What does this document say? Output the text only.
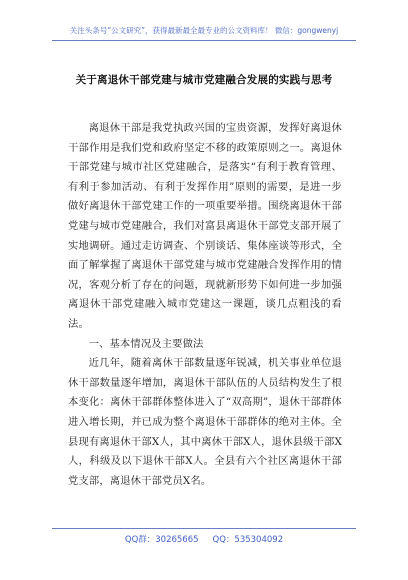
关注头条号“公文研究”，获得最新最全最专业的公文资料库！ 微信：gongwenyj
关于离退休干部党建与城市党建融合发展的实践与思考

离退休干部是我党执政兴国的宝贵资源，发挥好离退休干部作用是我们党和政府坚定不移的政策原则之一。离退休干部党建与城市社区党建融合，是落实“有利于教育管理、有利于参加活动、有利于发挥作用”原则的需要，是进一步做好离退休干部党建工作的一项重要举措。围绕离退休干部党建与城市党建融合，我们对富县离退休干部党支部开展了实地调研。通过走访调查、个别谈话、集体座谈等形式，全面了解掌握了离退休干部党建与城市党建融合发挥作用的情况，客观分析了存在的问题，现就新形势下如何进一步加强离退休干部党建融入城市党建这一课题，谈几点粗浅的看法。

一、基本情况及主要做法

近几年，随着离休干部数量逐年锐减，机关事业单位退休干部数量逐年增加，离退休干部队伍的人员结构发生了根本变化：离休干部群体整体进入了“双高期”，退休干部群体进入增长期，并已成为整个离退休干部群体的绝对主体。全县现有离退休干部X人，其中离休干部X人，退休县级干部X人，科级及以下退休干部X人。全县有六个社区离退休干部党支部，离退休干部党员X名。

QQ群：30265665 QQ：535304092
